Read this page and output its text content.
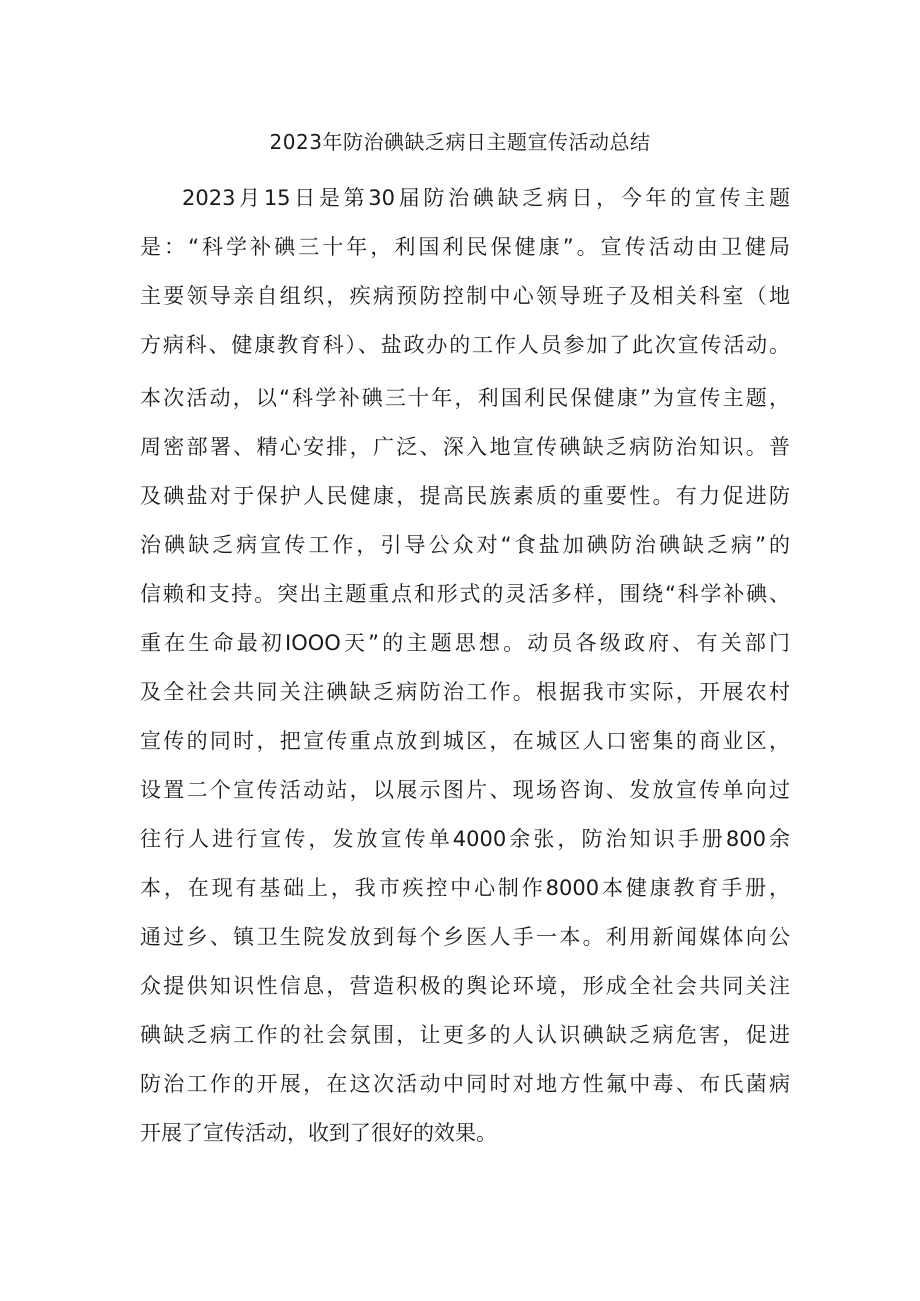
2023年防治碘缺乏病日主题宣传活动总结

2023月15日是第30届防治碘缺乏病日，今年的宣传主题

是：“科学补碘三十年，利国利民保健康”。宣传活动由卫健局

主要领导亲自组织，疾病预防控制中心领导班子及相关科室（地

方病科、健康教育科）、盐政办的工作人员参加了此次宣传活动。

本次活动，以“科学补碘三十年，利国利民保健康”为宣传主题，

周密部署、精心安排，广泛、深入地宣传碘缺乏病防治知识。普

及碘盐对于保护人民健康，提高民族素质的重要性。有力促进防

治碘缺乏病宣传工作，引导公众对“食盐加碘防治碘缺乏病”的

信赖和支持。突出主题重点和形式的灵活多样，围绕“科学补碘、

重在生命最初IOOO天”的主题思想。动员各级政府、有关部门

及全社会共同关注碘缺乏病防治工作。根据我市实际，开展农村

宣传的同时，把宣传重点放到城区，在城区人口密集的商业区，

设置二个宣传活动站，以展示图片、现场咨询、发放宣传单向过

往行人进行宣传，发放宣传单4000余张，防治知识手册800余

本，在现有基础上，我市疾控中心制作8000本健康教育手册，

通过乡、镇卫生院发放到每个乡医人手一本。利用新闻媒体向公

众提供知识性信息，营造积极的舆论环境，形成全社会共同关注

碘缺乏病工作的社会氛围，让更多的人认识碘缺乏病危害，促进

防治工作的开展，在这次活动中同时对地方性氟中毒、布氏菌病

开展了宣传活动，收到了很好的效果。
